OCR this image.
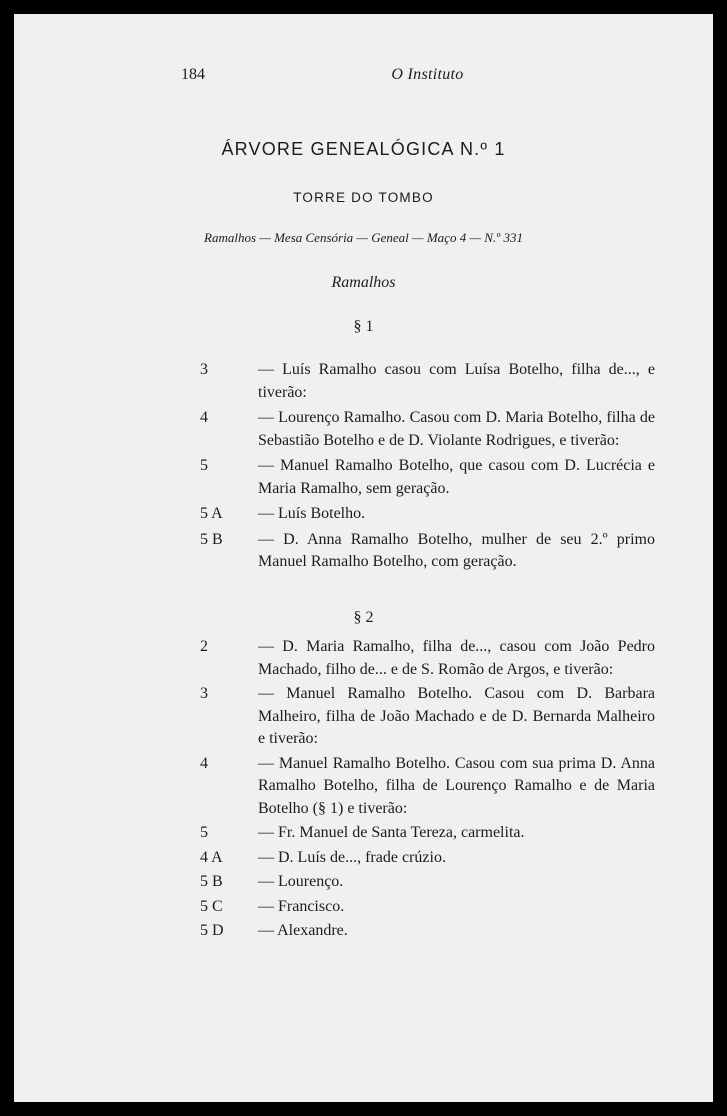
184	O Instituto
ÁRVORE GENEALÓGICA N.º 1
TORRE DO TOMBO
Ramalhos — Mesa Censória — Geneal — Maço 4 — N.º 331
Ramalhos
§ 1
3	— Luís Ramalho casou com Luísa Botelho, filha de..., e tiverão:
4	— Lourenço Ramalho. Casou com D. Maria Botelho, filha de Sebastião Botelho e de D. Violante Rodrigues, e tiverão:
5	— Manuel Ramalho Botelho, que casou com D. Lucrécia e Maria Ramalho, sem geração.
5 A — Luís Botelho.
5 B — D. Anna Ramalho Botelho, mulher de seu 2.º primo Manuel Ramalho Botelho, com geração.
§ 2
2	— D. Maria Ramalho, filha de..., casou com João Pedro Machado, filho de... e de S. Romão de Argos, e tiverão:
3	— Manuel Ramalho Botelho. Casou com D. Barbara Malheiro, filha de João Machado e de D. Bernarda Malheiro e tiverão:
4	— Manuel Ramalho Botelho. Casou com sua prima D. Anna Ramalho Botelho, filha de Lourenço Ramalho e de Maria Botelho (§ 1) e tiverão:
5	— Fr. Manuel de Santa Tereza, carmelita.
4 A — D. Luís de..., frade crúzio.
5 B — Lourenço.
5 C — Francisco.
5 D — Alexandre.
